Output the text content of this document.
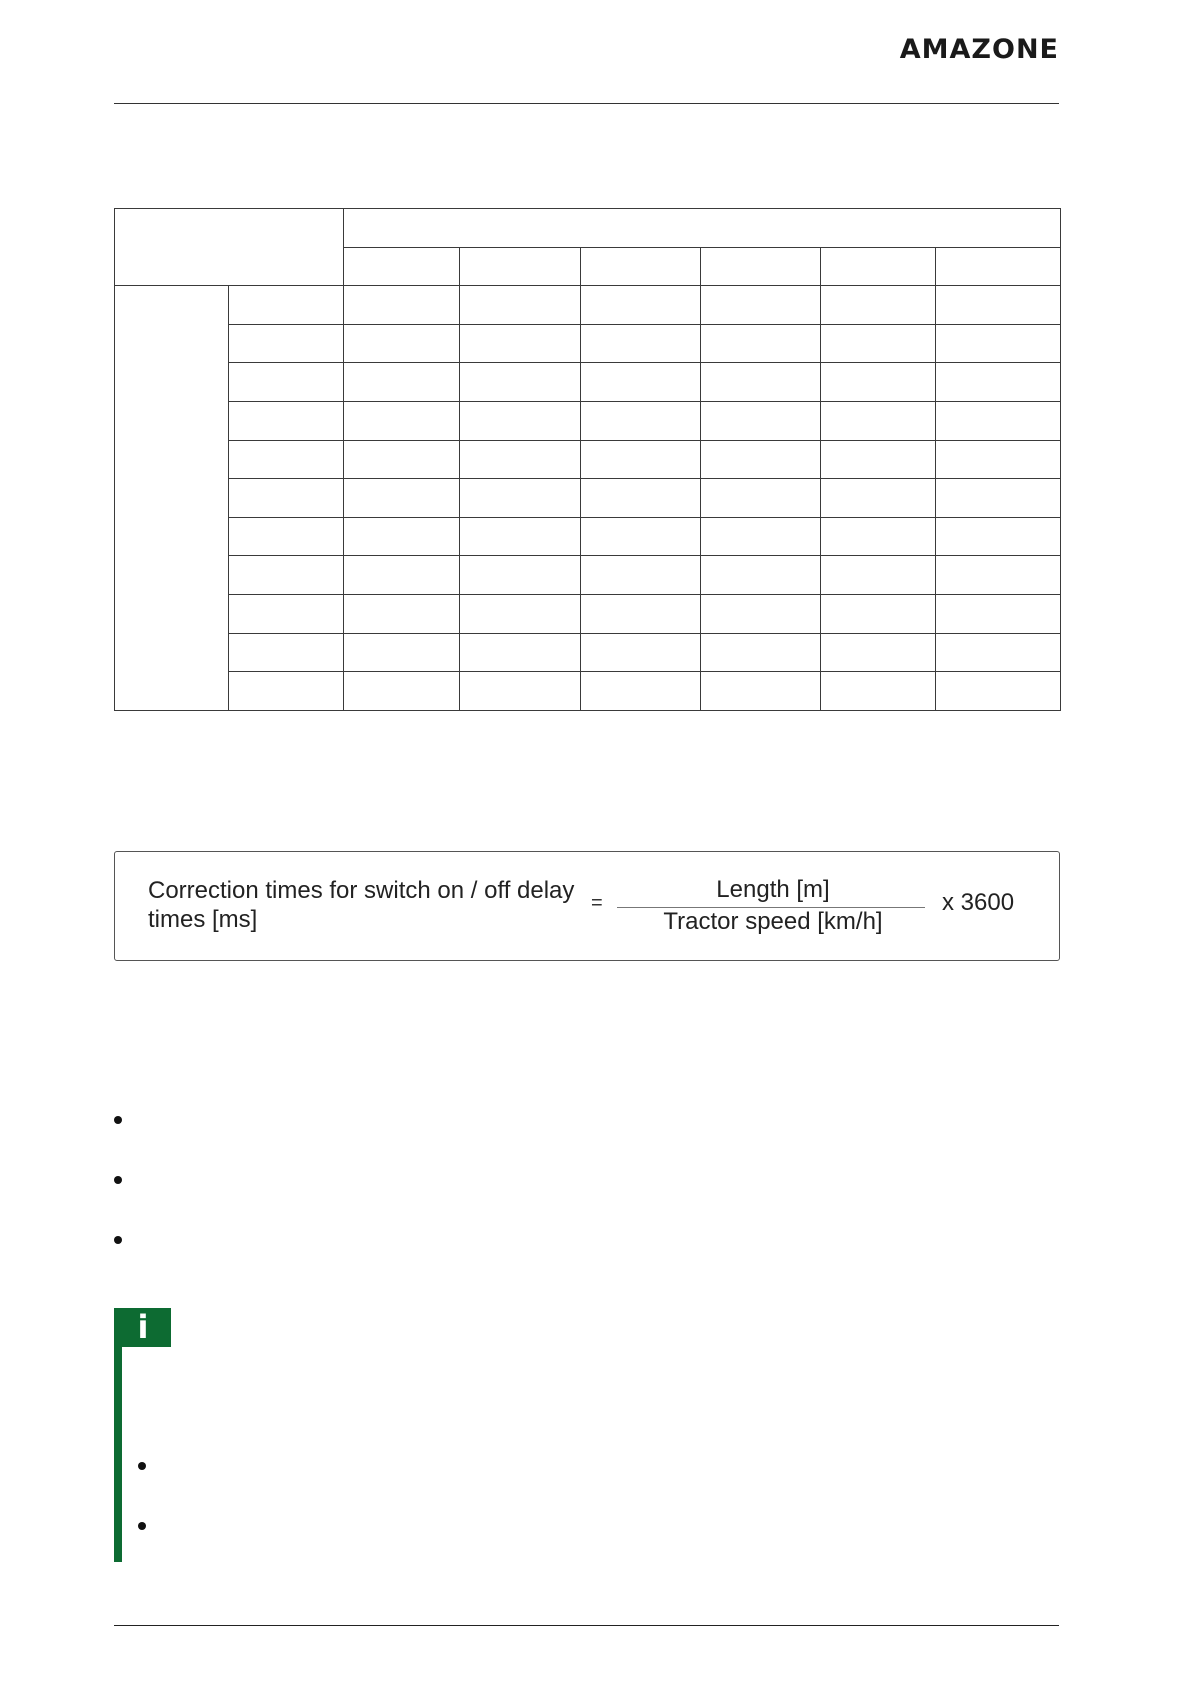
AMAZONE

Correction times for switch on / off delay times [ms]
=	Length [m]
Tractor speed [km/h]
x 3600
i
